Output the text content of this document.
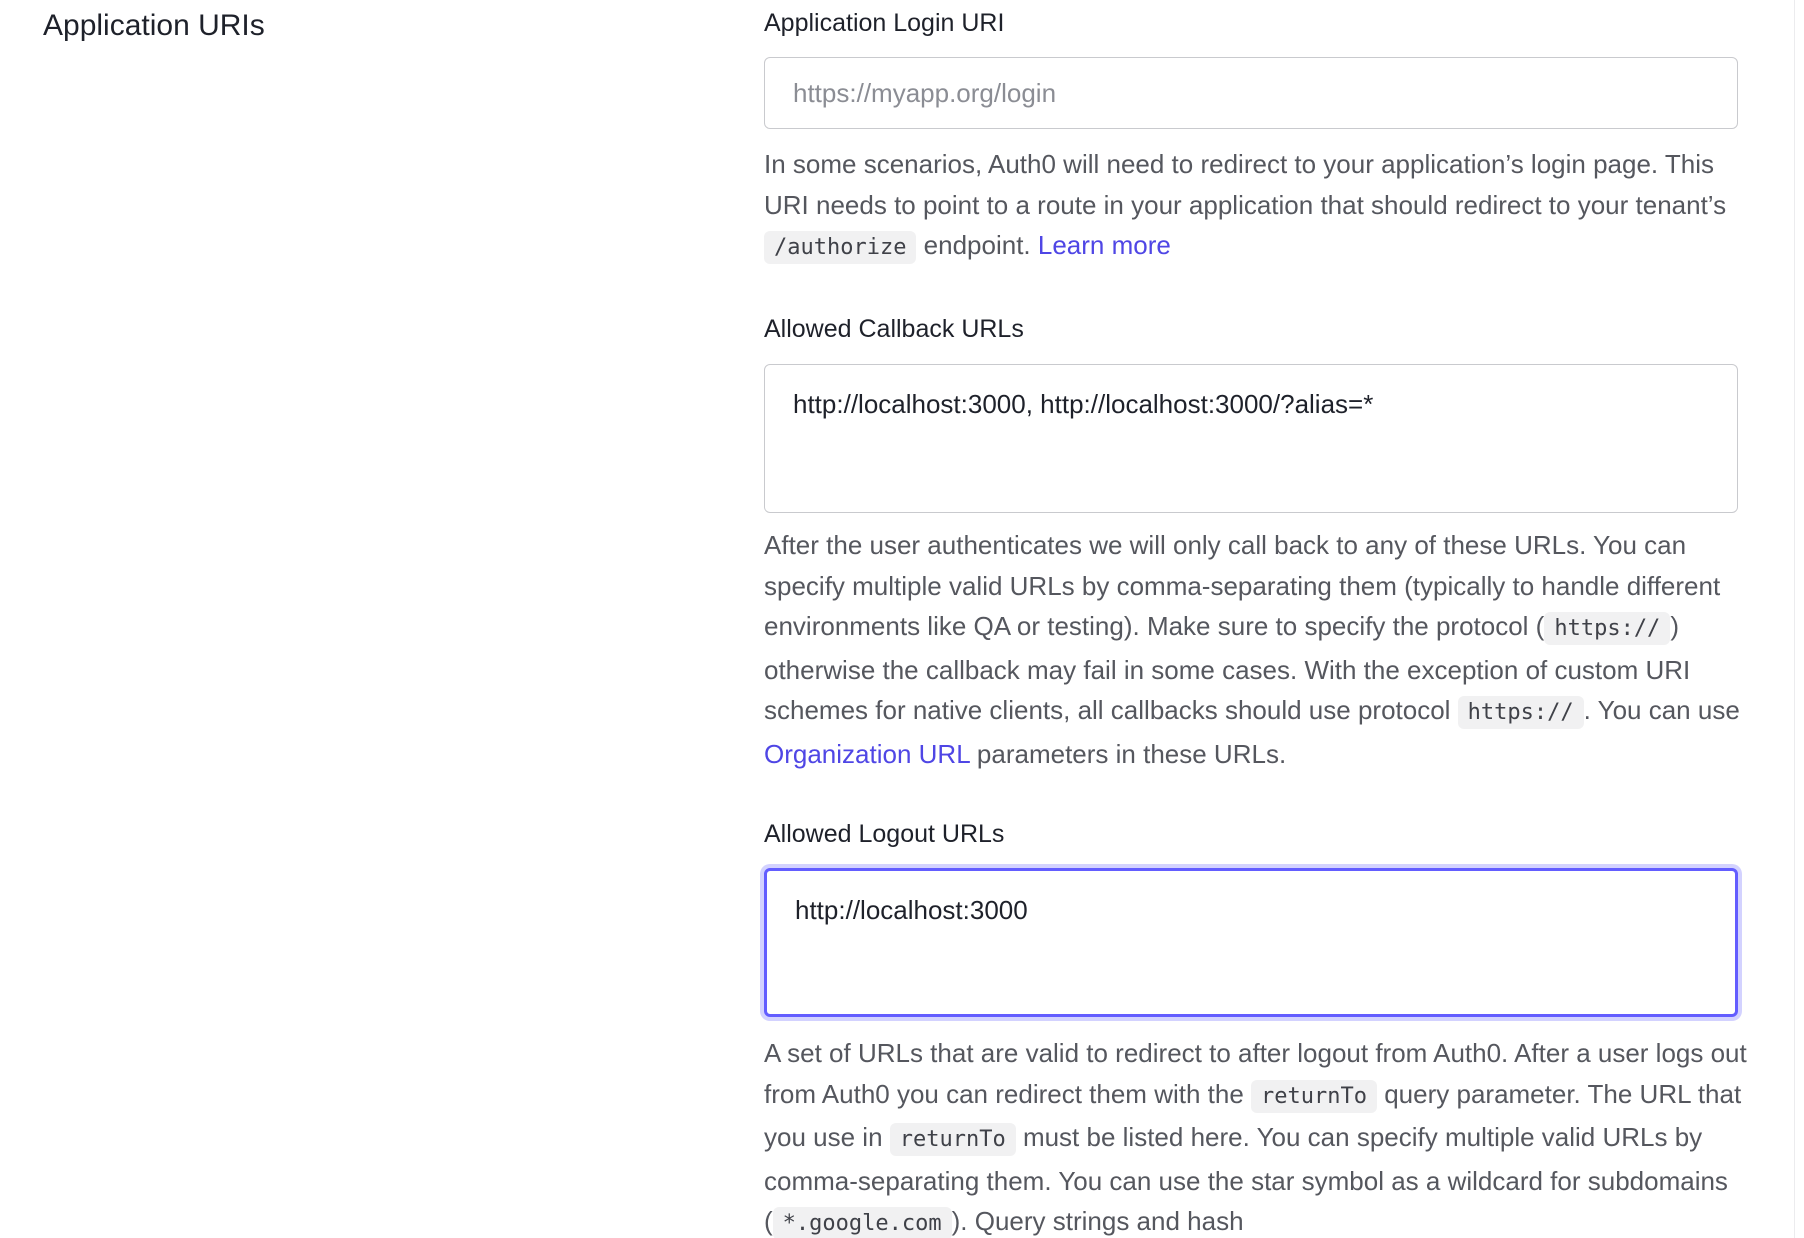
Application URIs	Application Login URI
https://myapp.org/login

In some scenarios, Auth0 will need to redirect to your application’s login page. This URI needs to point to a route in your application that should redirect to your tenant’s /authorize endpoint. Learn more

Allowed Callback URLs
http://localhost:3000, http://localhost:3000/?alias=*

After the user authenticates we will only call back to any of these URLs. You can specify multiple valid URLs by comma-separating them (typically to handle different environments like QA or testing). Make sure to specify the protocol ( https:// ) otherwise the callback may fail in some cases. With the exception of custom URI schemes for native clients, all callbacks should use protocol https:// . You can use Organization URL parameters in these URLs.

Allowed Logout URLs
http://localhost:3000

A set of URLs that are valid to redirect to after logout from Auth0. After a user logs out from Auth0 you can redirect them with the returnTo query parameter. The URL that you use in returnTo must be listed here. You can specify multiple valid URLs by comma-separating them. You can use the star symbol as a wildcard for subdomains ( *.google.com ). Query strings and hash
